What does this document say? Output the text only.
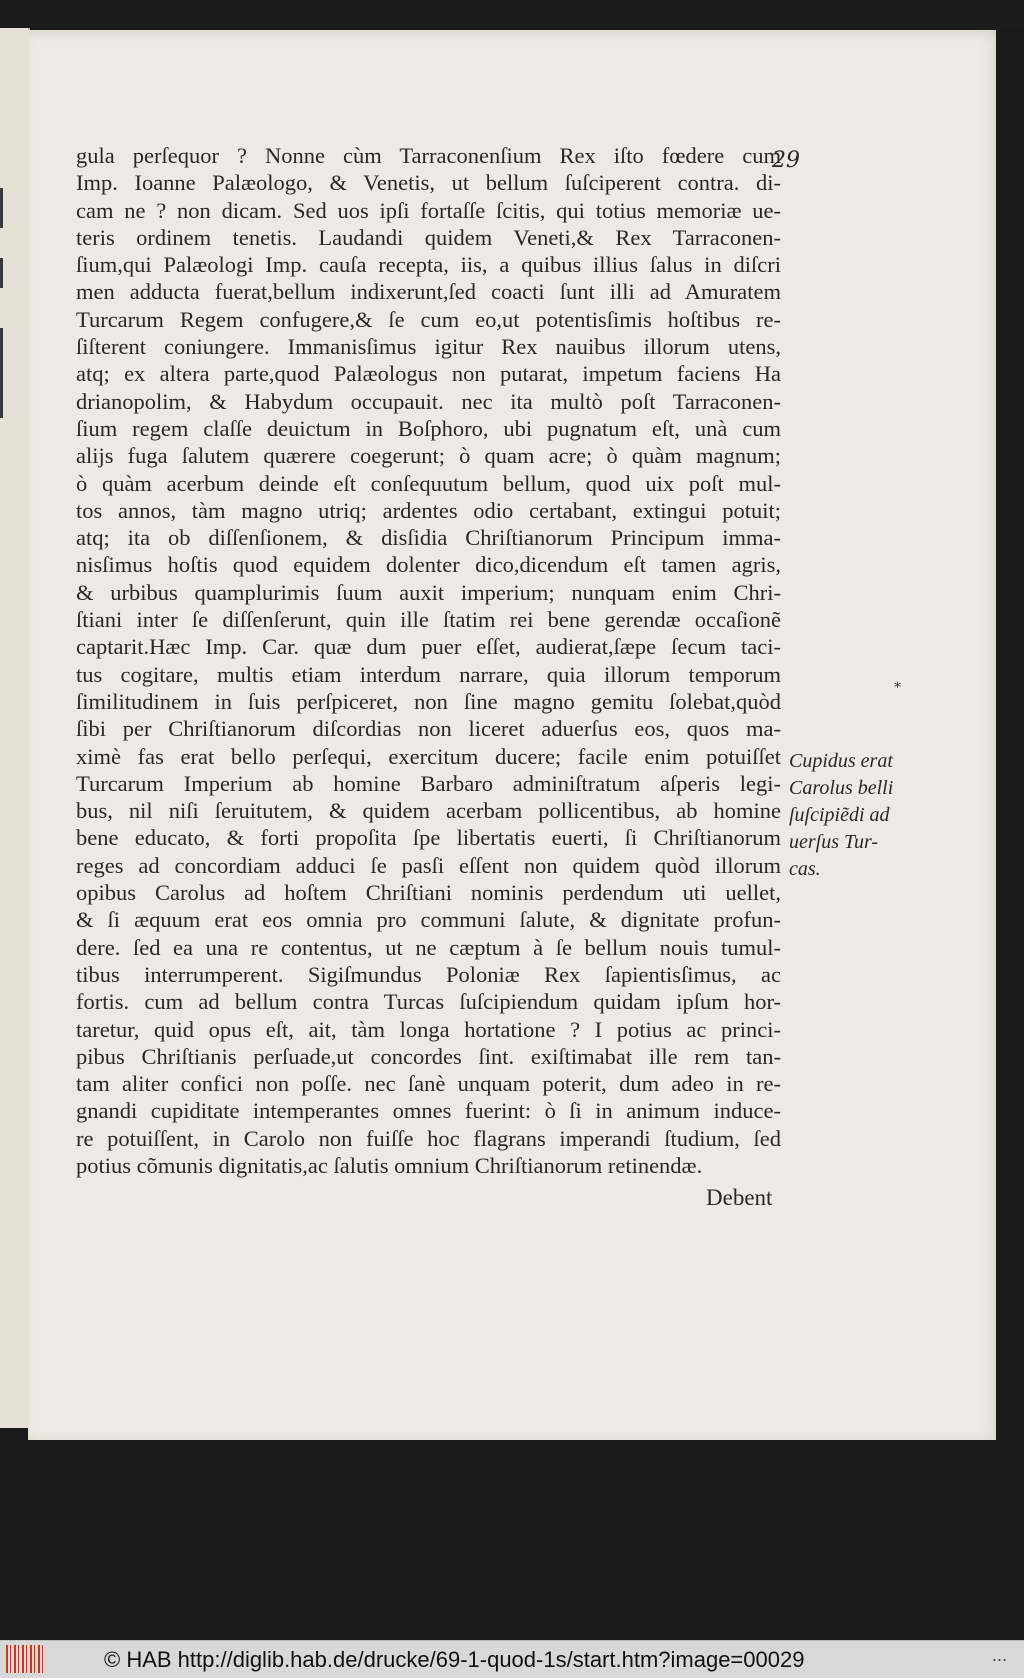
29
gula perſequor ? Nonne cùm Tarraconenſium Rex iſto fœdere cum
Imp. Ioanne Palæologo, & Venetis, ut bellum ſuſciperent contra. di-
cam ne ? non dicam. Sed uos ipſi fortaſſe ſcitis, qui totius memoriæ ue-
teris ordinem tenetis. Laudandi quidem Veneti,& Rex Tarraconen-
ſium,qui Palæologi Imp. cauſa recepta, iis, a quibus illius ſalus in diſcri
men adducta fuerat,bellum indixerunt,ſed coacti ſunt illi ad Amuratem
Turcarum Regem confugere,& ſe cum eo,ut potentisſimis hoſtibus re-
ſiſterent coniungere. Immanisſimus igitur Rex nauibus illorum utens,
atq; ex altera parte,quod Palæologus non putarat, impetum faciens Ha
drianopolim, & Habydum occupauit. nec ita multò poſt Tarraconen-
ſium regem claſſe deuictum in Boſphoro, ubi pugnatum eſt, unà cum
alijs fuga ſalutem quærere coegerunt; ò quam acre; ò quàm magnum;
ò quàm acerbum deinde eſt conſequutum bellum, quod uix poſt mul-
tos annos, tàm magno utriq; ardentes odio certabant, extingui potuit;
atq; ita ob diſſenſionem, & disſidia Chriſtianorum Principum imma-
nisſimus hoſtis quod equidem dolenter dico,dicendum eſt tamen agris,
& urbibus quamplurimis ſuum auxit imperium; nunquam enim Chri-
ſtiani inter ſe diſſenſerunt, quin ille ſtatim rei bene gerendæ occaſionẽ
captarit.Hæc Imp. Car. quæ dum puer eſſet, audierat,ſæpe ſecum taci-
tus cogitare, multis etiam interdum narrare, quia illorum temporum
ſimilitudinem in ſuis perſpiceret, non ſine magno gemitu ſolebat,quòd
ſibi per Chriſtianorum diſcordias non liceret aduerſus eos, quos ma-
ximè fas erat bello perſequi, exercitum ducere; facile enim potuiſſet
Turcarum Imperium ab homine Barbaro adminiſtratum aſperis legi-
bus, nil niſi ſeruitutem, & quidem acerbam pollicentibus, ab homine
bene educato, & forti propoſita ſpe libertatis euerti, ſi Chriſtianorum
reges ad concordiam adduci ſe pasſi eſſent non quidem quòd illorum
opibus Carolus ad hoſtem Chriſtiani nominis perdendum uti uellet,
& ſi æquum erat eos omnia pro communi ſalute, & dignitate profun-
dere. ſed ea una re contentus, ut ne cæptum à ſe bellum nouis tumul-
tibus interrumperent. Sigiſmundus Poloniæ Rex ſapientisſimus, ac
fortis. cum ad bellum contra Turcas ſuſcipiendum quidam ipſum hor-
taretur, quid opus eſt, ait, tàm longa hortatione ? I potius ac princi-
pibus Chriſtianis perſuade,ut concordes ſint. exiſtimabat ille rem tan-
tam aliter confici non poſſe. nec ſanè unquam poterit, dum adeo in re-
gnandi cupiditate intemperantes omnes fuerint: ò ſi in animum induce-
re potuiſſent, in Carolo non fuiſſe hoc flagrans imperandi ſtudium, ſed
potius cõmunis dignitatis,ac ſalutis omnium Chriſtianorum retinendæ.
Debent
*
Cupidus erat
Carolus belli
ſuſcipiẽdi ad
uerſus Tur-
cas.
© HAB http://diglib.hab.de/drucke/69-1-quod-1s/start.htm?image=00029	...
